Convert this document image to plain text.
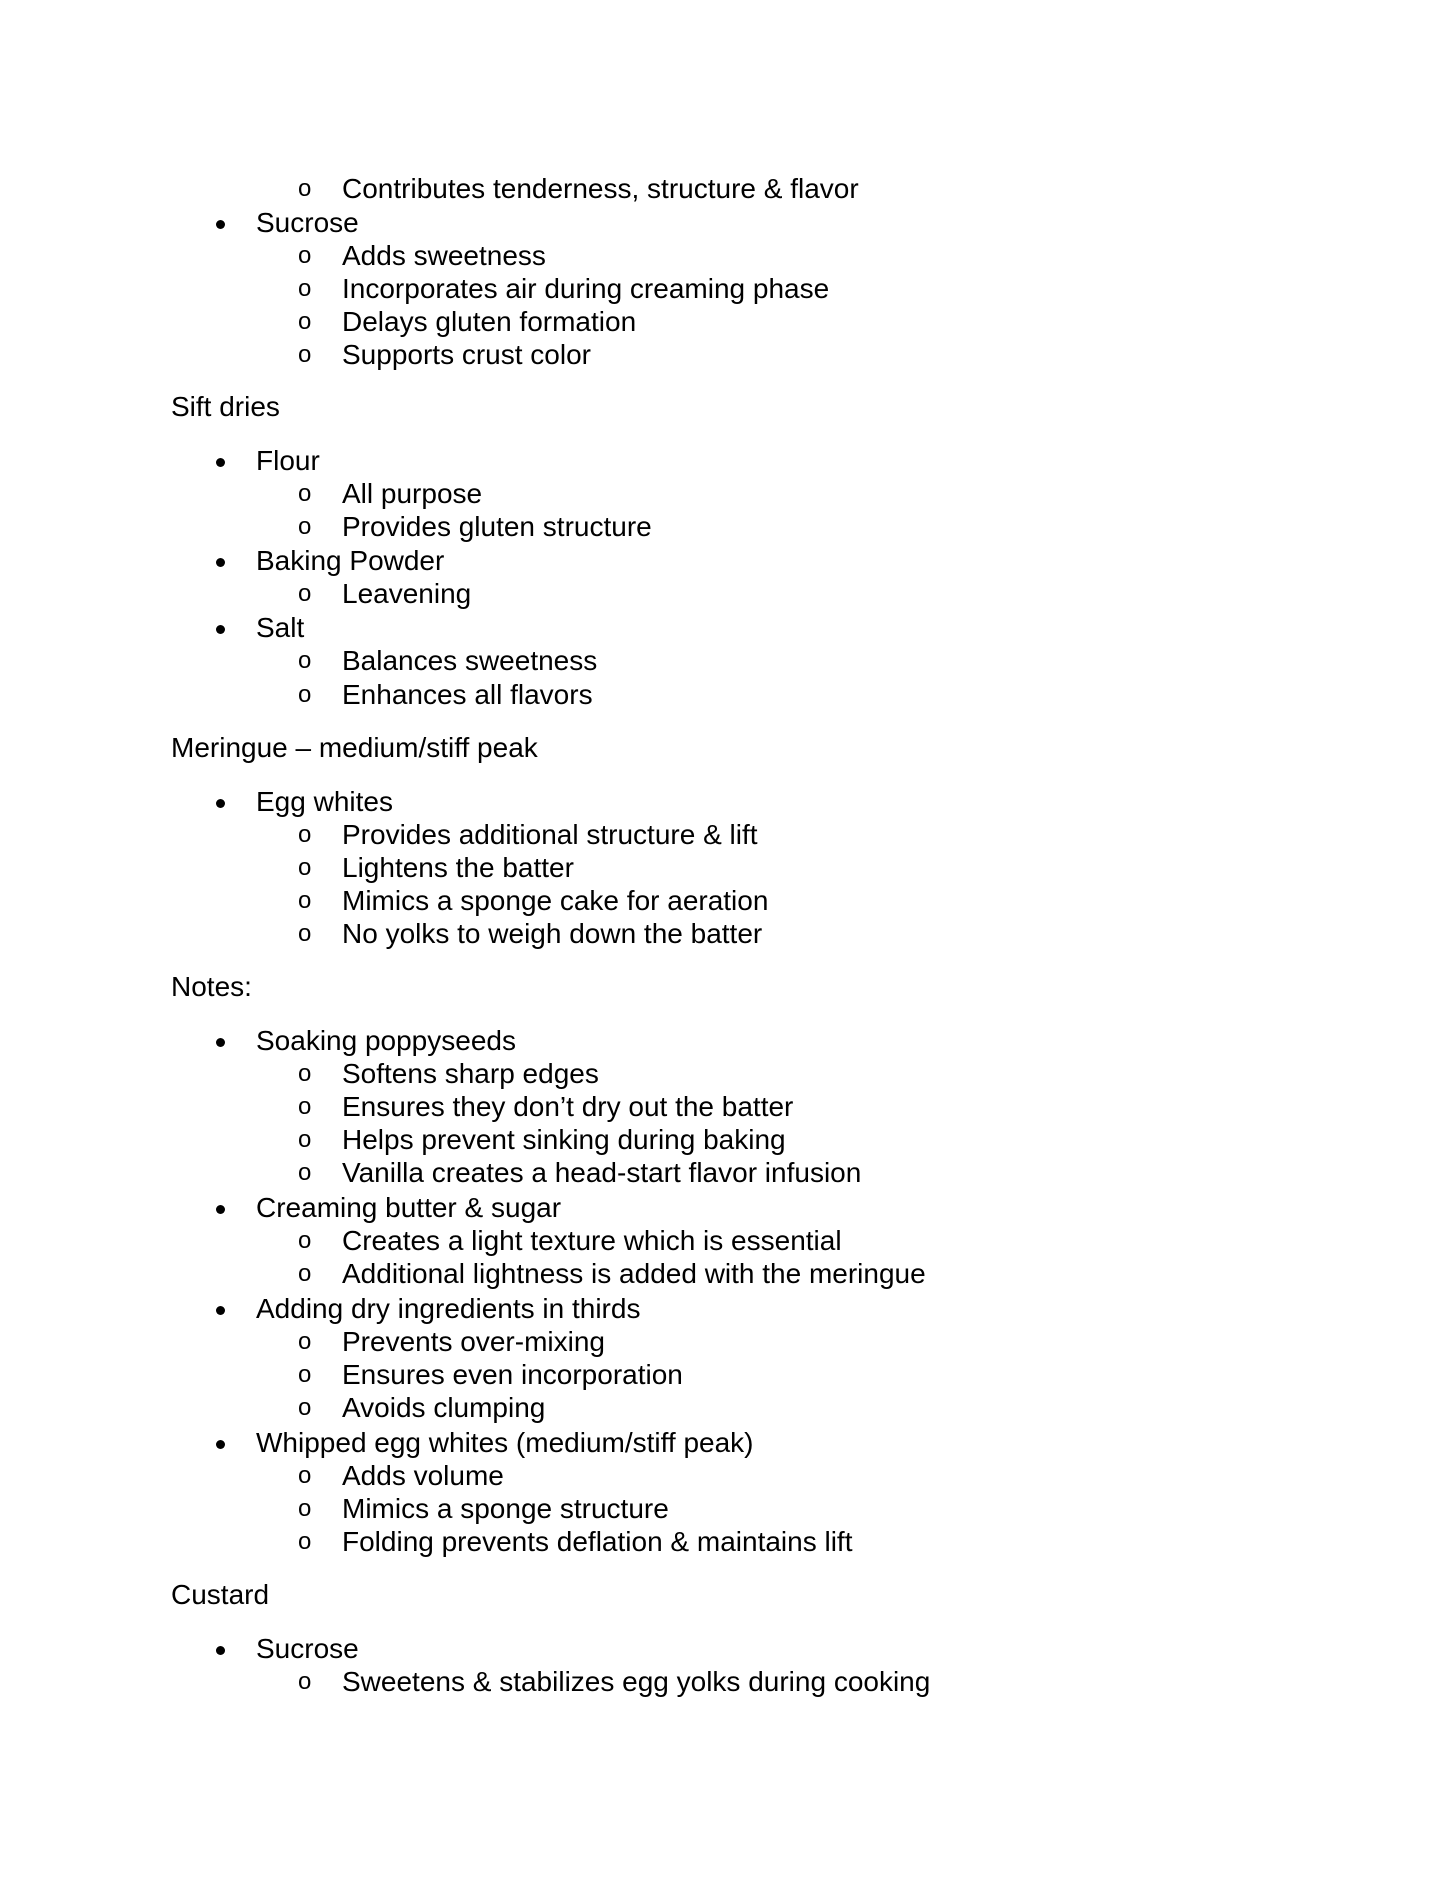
o Contributes tenderness, structure & flavor
Sucrose
o Adds sweetness
o Incorporates air during creaming phase
o Delays gluten formation
o Supports crust color
Sift dries
Flour
o All purpose
o Provides gluten structure
Baking Powder
o Leavening
Salt
o Balances sweetness
o Enhances all flavors
Meringue – medium/stiff peak
Egg whites
o Provides additional structure & lift
o Lightens the batter
o Mimics a sponge cake for aeration
o No yolks to weigh down the batter
Notes:
Soaking poppyseeds
o Softens sharp edges
o Ensures they don’t dry out the batter
o Helps prevent sinking during baking
o Vanilla creates a head-start flavor infusion
Creaming butter & sugar
o Creates a light texture which is essential
o Additional lightness is added with the meringue
Adding dry ingredients in thirds
o Prevents over-mixing
o Ensures even incorporation
o Avoids clumping
Whipped egg whites (medium/stiff peak)
o Adds volume
o Mimics a sponge structure
o Folding prevents deflation & maintains lift
Custard
Sucrose
o Sweetens & stabilizes egg yolks during cooking
